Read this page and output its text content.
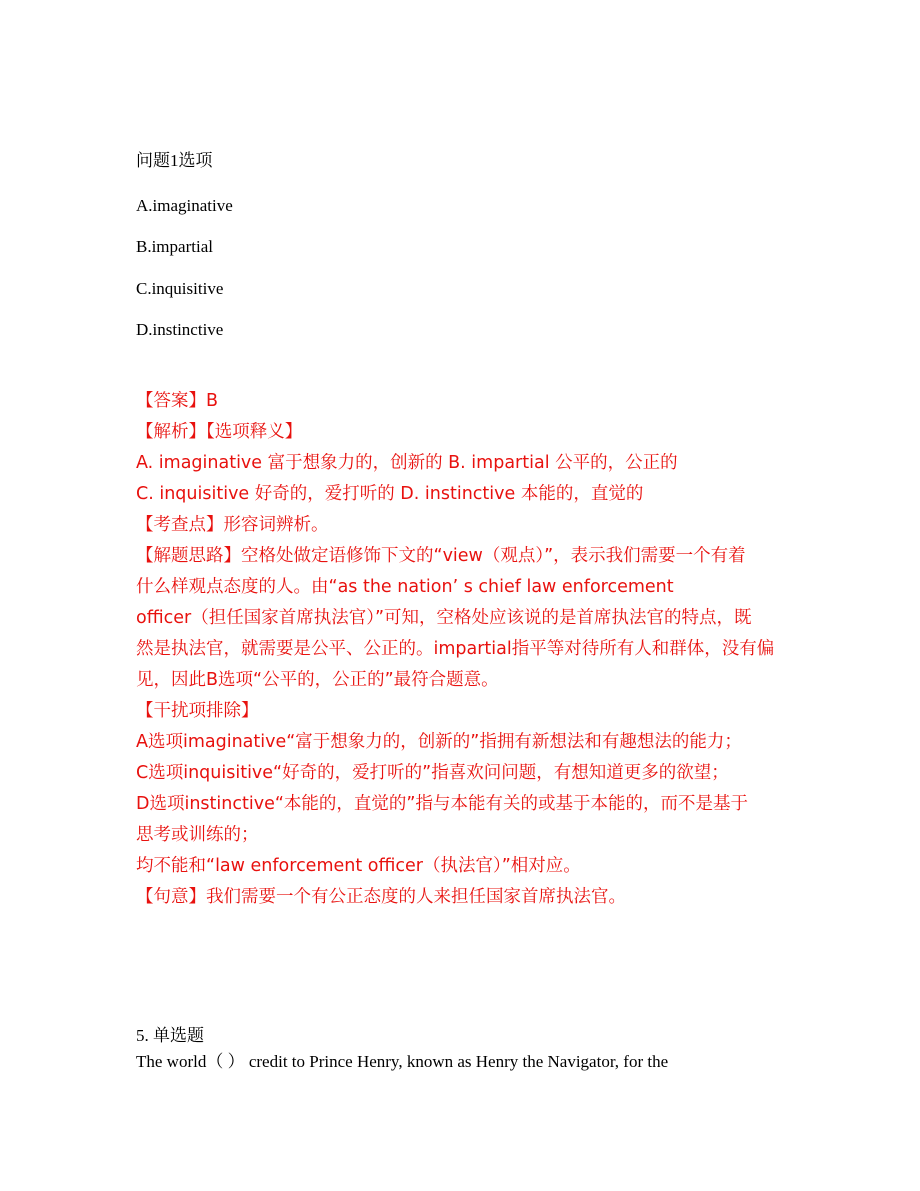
问题1选项
A.imaginative
B.impartial
C.inquisitive
D.instinctive
【答案】B
【解析】【选项释义】
A. imaginative 富于想象力的，创新的 B. impartial 公平的，公正的
C. inquisitive 好奇的，爱打听的 D. instinctive 本能的，直觉的
【考查点】形容词辨析。
【解题思路】空格处做定语修饰下文的“view（观点）”，表示我们需要一个有着
什么样观点态度的人。由“as the nation’ s chief law enforcement
officer（担任国家首席执法官）”可知，空格处应该说的是首席执法官的特点，既
然是执法官，就需要是公平、公正的。impartial指平等对待所有人和群体，没有偏
见，因此B选项“公平的，公正的”最符合题意。
【干扰项排除】
A选项imaginative“富于想象力的，创新的”指拥有新想法和有趣想法的能力；
C选项inquisitive“好奇的，爱打听的”指喜欢问问题，有想知道更多的欲望；
D选项instinctive“本能的，直觉的”指与本能有关的或基于本能的，而不是基于
思考或训练的；
均不能和“law enforcement officer（执法官）”相对应。
【句意】我们需要一个有公正态度的人来担任国家首席执法官。
5. 单选题
The world（ ） credit to Prince Henry, known as Henry the Navigator, for the
